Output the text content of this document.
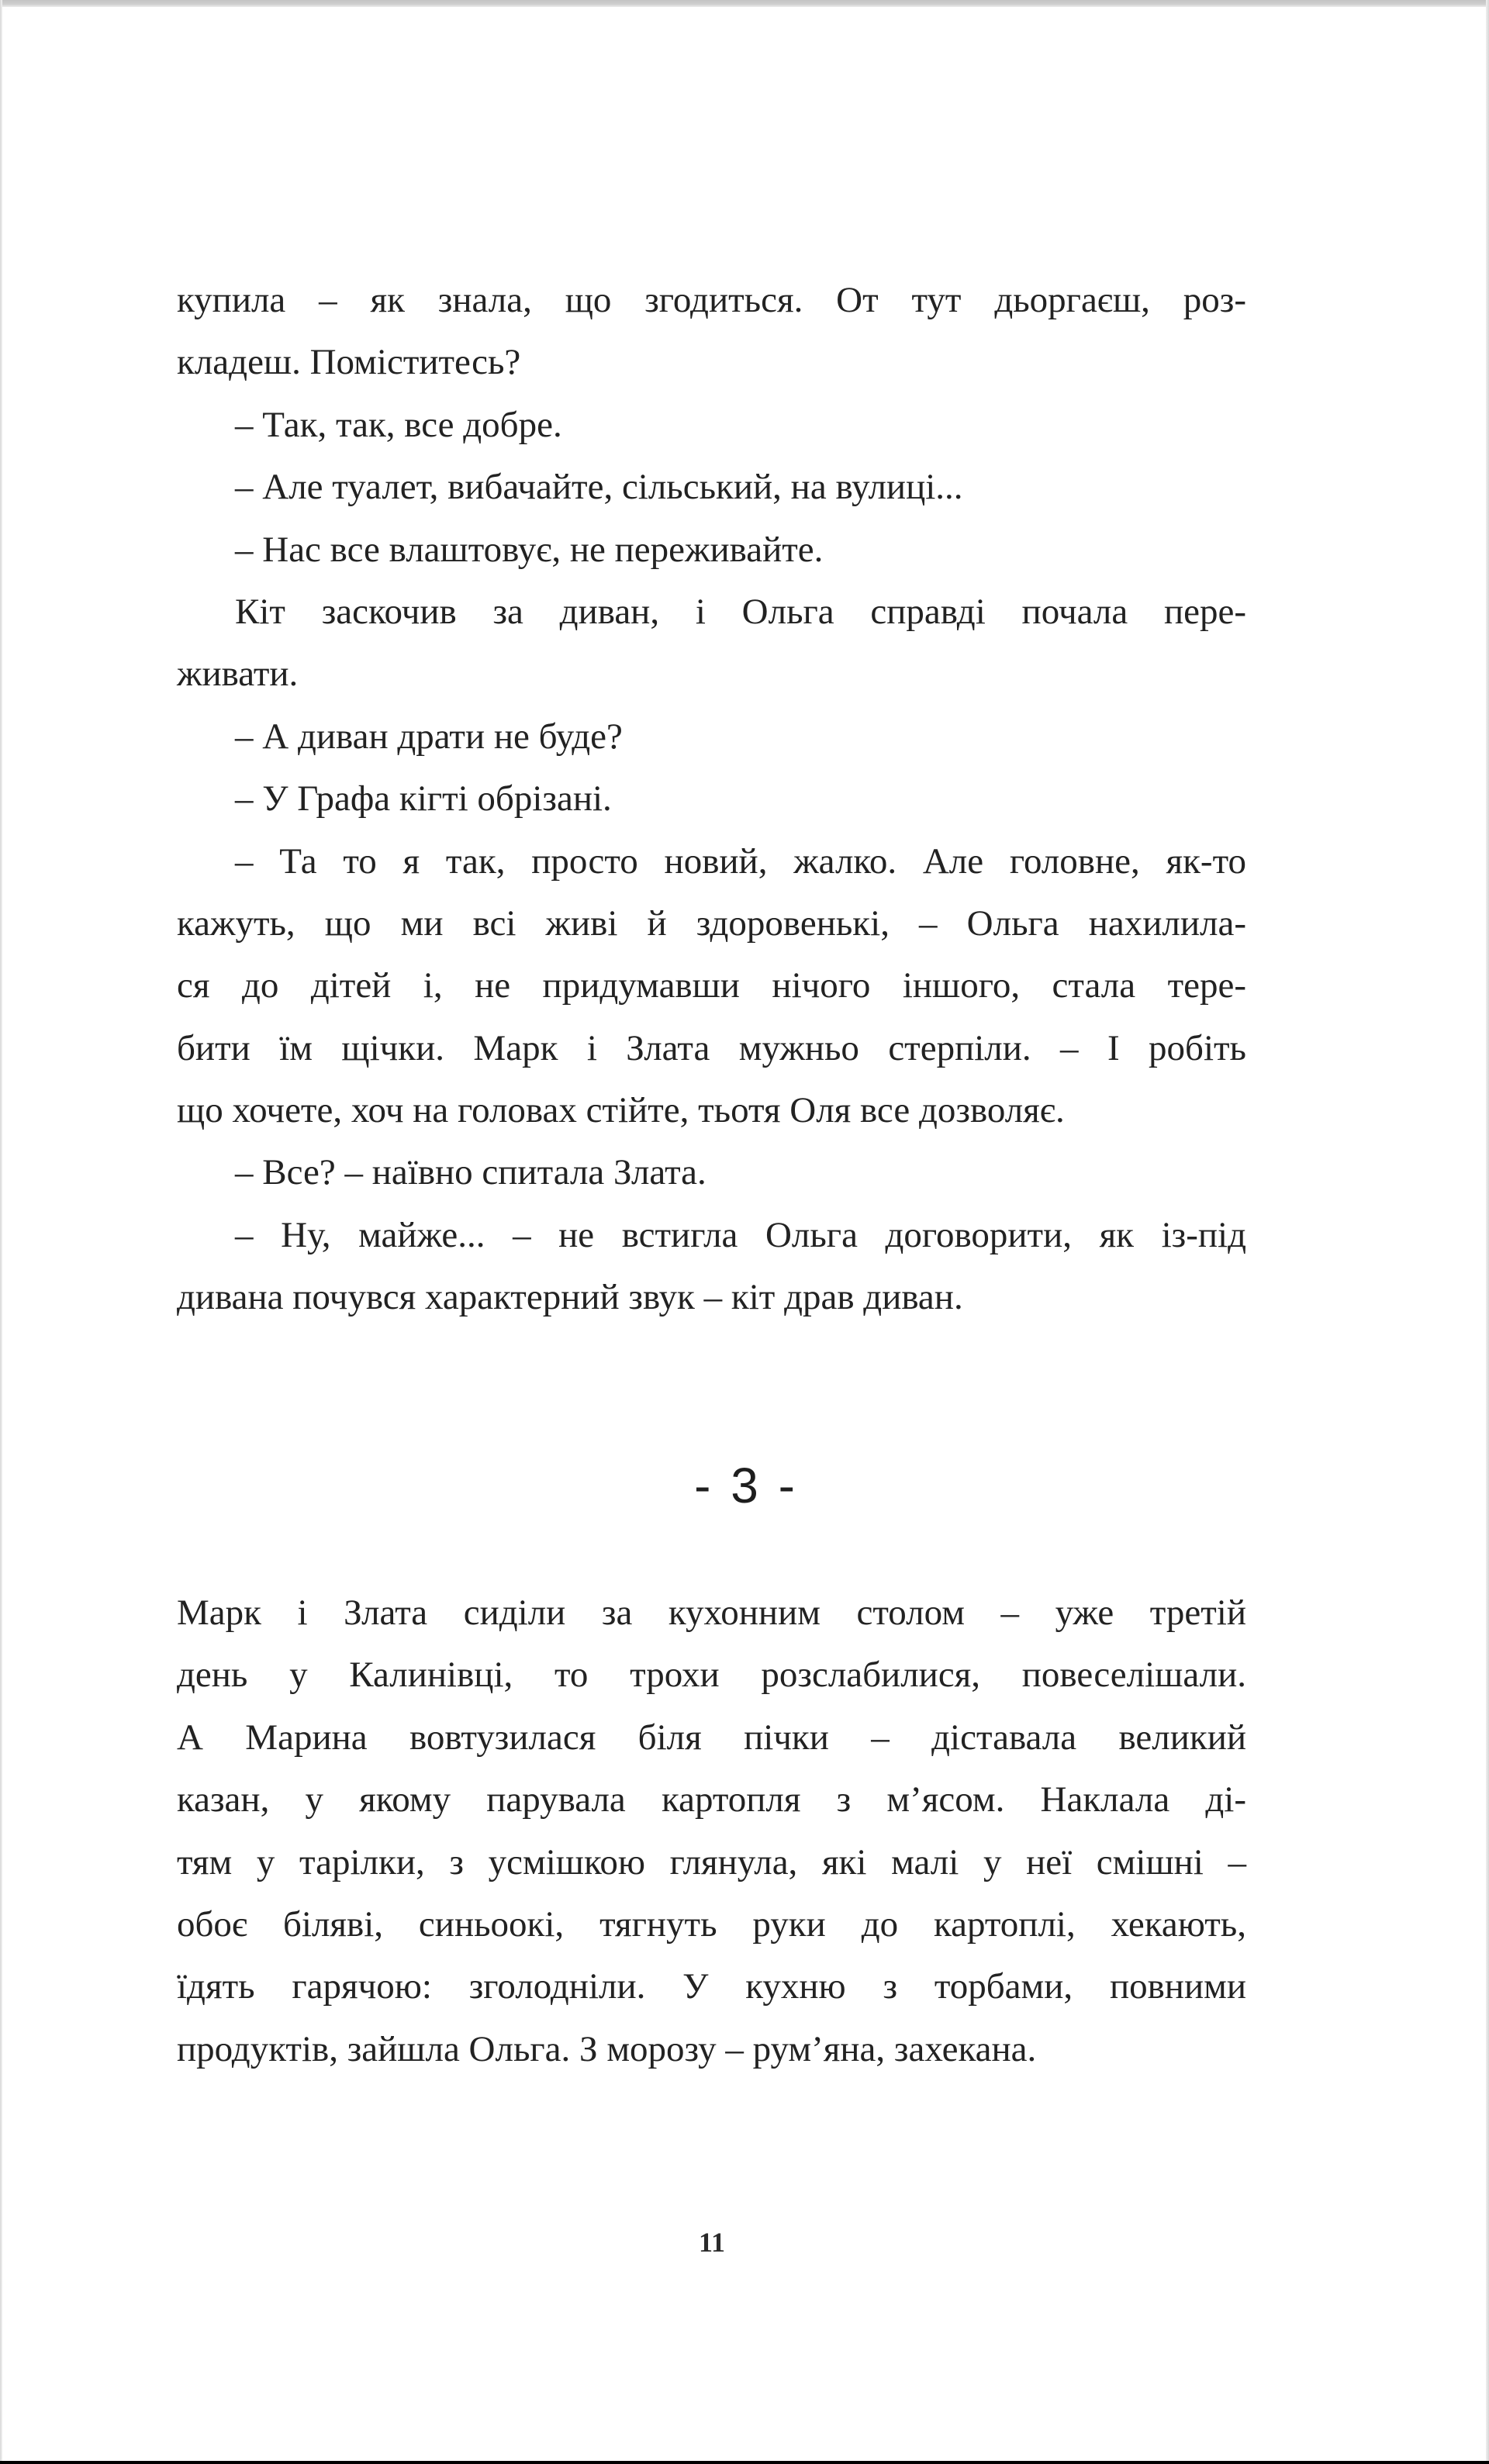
купила – як знала, що згодиться. От тут дьоргаєш, роз-
кладеш. Поміститесь?
– Так, так, все добре.
– Але туалет, вибачайте, сільський, на вулиці...
– Нас все влаштовує, не переживайте.
Кіт заскочив за диван, і Ольга справді почала пере-
живати.
– А диван драти не буде?
– У Графа кігті обрізані.
– Та то я так, просто новий, жалко. Але головне, як-то
кажуть, що ми всі живі й здоровенькі, – Ольга нахилила-
ся до дітей і, не придумавши нічого іншого, стала тере-
бити їм щічки. Марк і Злата мужньо стерпіли. – І робіть
що хочете, хоч на головах стійте, тьотя Оля все дозволяє.
– Все? – наївно спитала Злата.
– Ну, майже... – не встигла Ольга договорити, як із-під
дивана почувся характерний звук – кіт драв диван.
- 3 -
Марк і Злата сиділи за кухонним столом – уже третій
день у Калинівці, то трохи розслабилися, повеселішали.
А Марина вовтузилася біля пічки – діставала великий
казан, у якому парувала картопля з м’ясом. Наклала ді-
тям у тарілки, з усмішкою глянула, які малі у неї смішні –
обоє біляві, синьоокі, тягнуть руки до картоплі, хекають,
їдять гарячою: зголодніли. У кухню з торбами, повними
продуктів, зайшла Ольга. З морозу – рум’яна, захекана.
11
